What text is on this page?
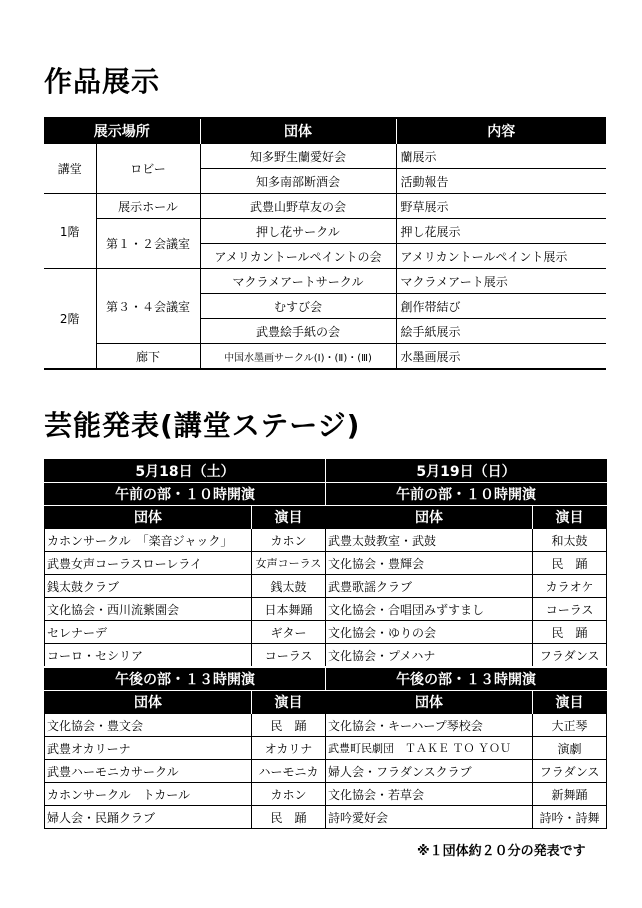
作品展示
展示場所		団体	内容
講堂	ロビー	知多野生蘭愛好会	蘭展示
		知多南部断酒会	活動報告
1階	展示ホール	武豊山野草友の会	野草展示
	第１・２会議室	押し花サークル	押し花展示
		アメリカントールペイントの会	アメリカントールペイント展示
2階	第３・４会議室	マクラメアートサークル	マクラメアート展示
		むすび会	創作帯結び
		武豊絵手紙の会	絵手紙展示
	廊下	中国水墨画サークル(Ⅰ)・(Ⅱ)・(Ⅲ)	水墨画展示
芸能発表(講堂ステージ)
5月18日（土）	
午前の部・１０時開演	
団体	演目
カホンサークル　「楽音ジャック」	カホン
武豊女声コーラスローレライ	女声コーラス
銭太鼓クラブ	銭太鼓
文化協会・西川流紫園会	日本舞踊
セレナーデ	ギター
コーロ・セシリア	コーラス
午後の部・１３時開演	
団体	演目
文化協会・豊文会	民　踊
武豊オカリーナ	オカリナ
武豊ハーモニカサークル	ハーモニカ
カホンサークル　トカール	カホン
婦人会・民踊クラブ	民　踊
5月19日（日）	
午前の部・１０時開演	
団体	演目
武豊太鼓教室・武鼓	和太鼓
文化協会・豊輝会	民　踊
武豊歌謡クラブ	カラオケ
文化協会・合唱団みずすまし	コーラス
文化協会・ゆりの会	民　踊
文化協会・プメハナ	フラダンス
午後の部・１３時開演	
団体	演目
文化協会・キーハープ琴校会	大正琴
武豊町民劇団　ＴＡＫＥ ＴＯ ＹＯＵ	演劇
婦人会・フラダンスクラブ	フラダンス
文化協会・若草会	新舞踊
詩吟愛好会	詩吟・詩舞
※１団体約２０分の発表です
